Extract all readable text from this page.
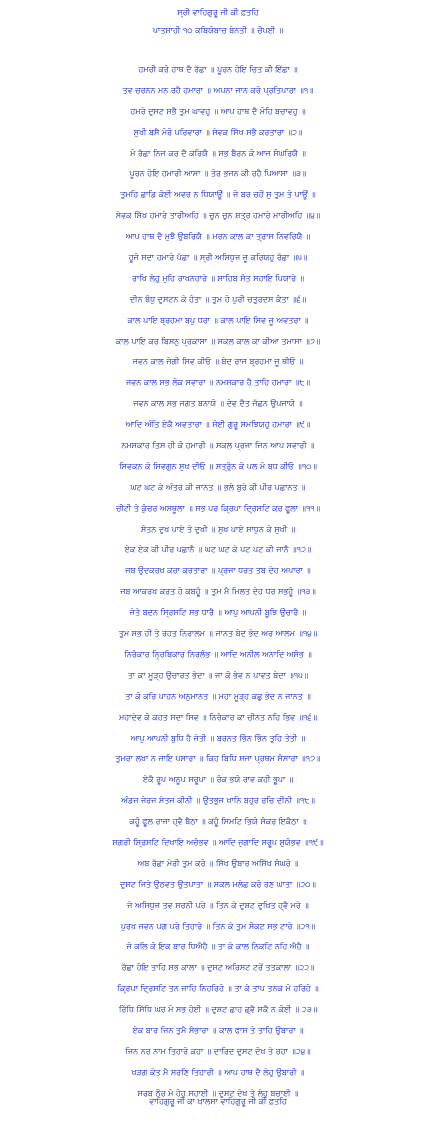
ਸ੍ਰੀ ਵਾਹਿਗੁਰੂ ਜੀ ਕੀ ਫ਼ਤਹਿ
ਪਾਤਸ਼ਾਹੀ ੧੦ ਕਬਿਯੋਬਾਚ ਬੇਨਤੀ ॥ ਚੌਪਈ ॥
ਹਮਰੀ ਕਰੋ ਹਾਥ ਦੈ ਰੱਛਾ ॥ ਪੂਰਨ ਹੋਇ ਚਿਤ ਕੀ ਇੱਛਾ ॥
ਤਵ ਚਰਨਨ ਮਨ ਰਹੈ ਹਮਾਰਾ ॥ ਅਪਨਾ ਜਾਨ ਕਰੋ ਪ੍ਰਤਿਪਾਰਾ ॥੧॥
ਹਮਰੇ ਦੁਸਟ ਸਭੈ ਤੁਮ ਘਾਵਹੁ ॥ ਆਪ ਹਾਥ ਦੈ ਮੋਹਿ ਬਚਾਵਹੁ ॥
ਸੁਖੀ ਬਸੈ ਮੋਰੋ ਪਰਿਵਾਰਾ ॥ ਸੇਵਕ ਸਿੱਖ ਸਭੈ ਕਰਤਾਰਾ ॥੨॥
ਮੋ ਰੱਛਾ ਨਿਜ ਕਰ ਦੈ ਕਰਿਯੈ ॥ ਸਭ ਬੈਰਨ ਕੋ ਆਜ ਸੰਘਰਿਯੈ ॥
ਪੂਰਨ ਹੋਇ ਹਮਾਰੀ ਆਸਾ ॥ ਤੋਰ ਭਜਨ ਕੀ ਰਹੈ ਪਿਆਸਾ ॥੩॥
ਤੁਮਹਿ ਛਾਡਿ ਕੋਈ ਅਵਰ ਨ ਧਿਯਾਊਂ ॥ ਜੋ ਬਰ ਚਹੋਂ ਸੁ ਤੁਮ ਤੇ ਪਾਊਂ ॥
ਸੇਵਕ ਸਿੱਖ ਹਮਾਰੇ ਤਾਰੀਅਹਿ ॥ ਚੁਨ ਚੁਨ ਸ਼ਤ੍ਰ ਹਮਾਰੇ ਮਾਰੀਅਹਿ ॥੪॥
ਆਪ ਹਾਥ ਦੈ ਮੁਝੈ ਉਬਰਿਯੈ ॥ ਮਰਨ ਕਾਲ ਕਾ ਤ੍ਰਾਸ ਨਿਵਰਿਯੈ ॥
ਹੂਜੋ ਸਦਾ ਹਮਾਰੇ ਪੱਛਾ ॥ ਸ੍ਰੀ ਅਸਿਧੁਜ ਜੂ ਕਰਿਯਹੁ ਰੱਛਾ ॥੫॥
ਰਾਖਿ ਲੇਹੁ ਮੁਹਿ ਰਾਖਨਹਾਰੇ ॥ ਸਾਹਿਬ ਸੰਤ ਸਹਾਇ ਪਿਯਾਰੇ ॥
ਦੀਨ ਬੰਧੁ ਦੁਸਟਨ ਕੇ ਹੰਤਾ ॥ ਤੁਮ ਹੋ ਪੁਰੀ ਚਤੁਰਦਸ ਕੰਤਾ ॥੬॥
ਕਾਲ ਪਾਇ ਬ੍ਰਹਮਾ ਬਪੁ ਧਰਾ ॥ ਕਾਲ ਪਾਇ ਸਿਵ ਜੂ ਅਵਤਰਾ ॥
ਕਾਲ ਪਾਇ ਕਰ ਬਿਸਨੁ ਪ੍ਰਕਾਸਾ ॥ ਸਕਲ ਕਾਲ ਕਾ ਕੀਆ ਤਮਾਸਾ ॥੭॥
ਜਵਨ ਕਾਲ ਜੋਗੀ ਸਿਵ ਕੀਓ ॥ ਬੇਦ ਰਾਜ ਬ੍ਰਹਮਾ ਜੂ ਥੀਓ ॥
ਜਵਨ ਕਾਲ ਸਭ ਲੋਕ ਸਵਾਰਾ ॥ ਨਮਸਕਾਰ ਹੈ ਤਾਹਿ ਹਮਾਰਾ ॥੮॥
ਜਵਨ ਕਾਲ ਸਭ ਜਗਤ ਬਨਾਯੋ ॥ ਦੇਵ ਦੈਤ ਜੱਛਨ ਉਪਜਾਯੋ ॥
ਆਦਿ ਅੰਤਿ ਏਕੈ ਅਵਤਾਰਾ ॥ ਸੋਈ ਗੁਰੂ ਸਮਝਿਯਹੁ ਹਮਾਰਾ ॥੯॥
ਨਮਸਕਾਰ ਤਿਸ ਹੀ ਕੋ ਹਮਾਰੀ ॥ ਸਕਲ ਪ੍ਰਜਾ ਜਿਨ ਆਪ ਸਵਾਰੀ ॥
ਸਿਵਕਨ ਕੋ ਸਿਵਗੁਨ ਸੁਖ ਦੀਓ ॥ ਸਤ੍ਰੁੰਨ ਕੋ ਪਲ ਮੋ ਬਧ ਕੀਓ ॥੧੦॥
ਘਟ ਘਟ ਕੇ ਅੰਤਰ ਕੀ ਜਾਨਤ ॥ ਭਲੇ ਬੁਰੇ ਕੀ ਪੀਰ ਪਛਾਨਤ ॥
ਚੀਟੀ ਤੇ ਕੁੰਚਰ ਅਸਥੂਲਾ ॥ ਸਭ ਪਰ ਕ੍ਰਿਪਾ ਦ੍ਰਿਸਟਿ ਕਰ ਫੂਲਾ ॥੧੧॥
ਸੰਤਨ ਦੁਖ ਪਾਏ ਤੇ ਦੁਖੀ ॥ ਸੁਖ ਪਾਏ ਸਾਧੁਨ ਕੇ ਸੁਖੀ ॥
ਏਕ ਏਕ ਕੀ ਪੀਰ ਪਛਾਨੈ ॥ ਘਟ ਘਟ ਕੇ ਪਟ ਪਟ ਕੀ ਜਾਨੈ ॥੧੨॥
ਜਬ ਉਦਕਰਖ ਕਰਾ ਕਰਤਾਰਾ ॥ ਪ੍ਰਜਾ ਧਰਤ ਤਬ ਦੇਹ ਅਪਾਰਾ ॥
ਜਬ ਆਕਰਖ ਕਰਤ ਹੋ ਕਬਹੂੰ ॥ ਤੁਮ ਮੈ ਮਿਲਤ ਦੇਹ ਧਰ ਸਭਹੂੰ ॥੧੩॥
ਜੇਤੇ ਬਦਨ ਸ੍ਰਿਸਟਿ ਸਭ ਧਾਰੈ ॥ ਆਪੁ ਆਪਨੀ ਬੂਝਿ ਉਚਾਰੈ ॥
ਤੁਮ ਸਭ ਹੀ ਤੇ ਰਹਤ ਨਿਰਾਲਮ ॥ ਜਾਨਤ ਬੇਦ ਭੇਦ ਅਰ ਆਲਮ ॥੧੪॥
ਨਿਰੰਕਾਰ ਨ੍ਰਿਬਿਕਾਰ ਨਿਰਲੰਭ ॥ ਆਦਿ ਅਨੀਲ ਅਨਾਦਿ ਅਸੰਭ ॥
ਤਾ ਕਾ ਮੂੜ੍ਹ ਉਚਾਰਤ ਭੇਦਾ ॥ ਜਾ ਕੋ ਭੇਵ ਨ ਪਾਵਤ ਬੇਦਾ ॥੧੫॥
ਤਾ ਕੋ ਕਰਿ ਪਾਹਨ ਅਨੁਮਾਨਤ ॥ ਮਹਾ ਮੂੜ੍ਹ ਕਛੁ ਭੇਦ ਨ ਜਾਨਤ ॥
ਮਹਾਦੇਵ ਕੋ ਕਹਤ ਸਦਾ ਸਿਵ ॥ ਨਿਰੰਕਾਰ ਕਾ ਚੀਨਤ ਨਹਿ ਭਿਵ ॥੧੬॥
ਆਪੁ ਆਪਨੀ ਬੁਧਿ ਹੈ ਜੇਤੀ ॥ ਬਰਨਤ ਭਿੰਨ ਭਿੰਨ ਤੁਹਿ ਤੇਤੀ ॥
ਤੁਮਰਾ ਲਖਾ ਨ ਜਾਇ ਪਸਾਰਾ ॥ ਕਿਹ ਬਿਧਿ ਸਜਾ ਪ੍ਰਥਮ ਸੰਸਾਰਾ ॥੧੭॥
ਏਕੈ ਰੂਪ ਅਨੂਪ ਸਰੂਪਾ ॥ ਰੰਕ ਭਯੋ ਰਾਵ ਕਹੀ ਭੂਪਾ ॥
ਅੰਡਜ ਜੇਰਜ ਸੇਤਜ ਕੀਨੀ ॥ ਉਤਭੁਜ ਖਾਨਿ ਬਹੁਰ ਰਚਿ ਦੀਨੀ ॥੧੮॥
ਕਹੂੰ ਫੂਲ ਰਾਜਾ ਹ੍ਵੈ ਬੈਠਾ ॥ ਕਹੂੰ ਸਿਮਟਿ ਭਿਯੋ ਸੰਕਰ ਇਕੈਠਾ ॥
ਸਗਰੀ ਸ੍ਰਿਸਟਿ ਦਿਖਾਇ ਅਚੰਭਵ ॥ ਆਦਿ ਜੁਗਾਦਿ ਸਰੂਪ ਸੁਯੰਭਵ ॥੧੯॥
ਅਬ ਰੱਛਾ ਮੇਰੀ ਤੁਮ ਕਰੋ ॥ ਸਿੱਖ ਉਬਾਰ ਅਸਿੱਖ ਸੰਘਰੋ ॥
ਦੁਸ਼ਟ ਜਿਤੇ ਉਠਵਤ ਉਤਪਾਤਾ ॥ ਸਕਲ ਮਲੇਛ ਕਰੋ ਰਣ ਘਾਤਾ ॥੨੦॥
ਜੇ ਅਸਿਧੁਜ ਤਵ ਸਰਨੀ ਪਰੇ ॥ ਤਿਨ ਕੇ ਦੁਸ਼ਟ ਦੁਖਿਤ ਹ੍ਵੈ ਮਰੇ ॥
ਪੁਰਖ ਜਵਨ ਪਗ ਪਰੇ ਤਿਹਾਰੇ ॥ ਤਿਨ ਕੇ ਤੁਮ ਸੰਕਟ ਸਭ ਟਾਰੇ ॥੨੧॥
ਜੋ ਕਲਿ ਕੋ ਇਕ ਬਾਰ ਧਿਐਹੈ ॥ ਤਾ ਕੇ ਕਾਲ ਨਿਕਟਿ ਨਹਿ ਐਹੈ ॥
ਰੱਛਾ ਹੋਇ ਤਾਹਿ ਸਭ ਕਾਲਾ ॥ ਦੁਸਟ ਅਰਿਸਟ ਟਰੇਂ ਤਤਕਾਲਾ ॥੨੨॥
ਕ੍ਰਿਪਾ ਦ੍ਰਿਸਟਿ ਤਨ ਜਾਹਿ ਨਿਹਰਿਹੋ ॥ ਤਾ ਕੇ ਤਾਪ ਤਨਕ ਮੋ ਹਰਿਹੋ ॥
ਰਿੱਧਿ ਸਿੱਧਿ ਘਰ ਮੋ ਸਭ ਹੋਈ ॥ ਦੁਸ਼ਟ ਛਾਹ ਛ੍ਵੈ ਸਕੈ ਨ ਕੋਈ ॥ ੨੩॥
ਏਕ ਬਾਰ ਜਿਨ ਤੁਮੈ ਸੰਭਾਰਾ ॥ ਕਾਲ ਫਾਸ ਤੇ ਤਾਹਿ ਉਬਾਰਾ ॥
ਜਿਨ ਨਰ ਨਾਮ ਤਿਹਾਰੋ ਕਹਾ ॥ ਦਾਰਿਦ ਦੁਸਟ ਦੋਖ ਤੇ ਰਹਾ ॥੨੪॥
ਖੜਗ ਕੇਤ ਮੈ ਸਰਣਿ ਤਿਹਾਰੀ ॥ ਆਪ ਹਾਥ ਦੈ ਲੇਹੁ ਉਬਾਰੀ ॥
ਸਰਬ ਠੌਰ ਮੋ ਹੋਹੁ ਸਹਾਈ ॥ ਦੁਸਟ ਦੋਖ ਤੇ ਲੇਹੁ ਬਚਾਈ ॥
ਵਾਹਿਗੁਰੂ ਜੀ ਕਾ ਖ਼ਾਲਸਾ ਵਾਹਿਗੁਰੂ ਜੀ ਕੀ ਫ਼ਤਹਿ
